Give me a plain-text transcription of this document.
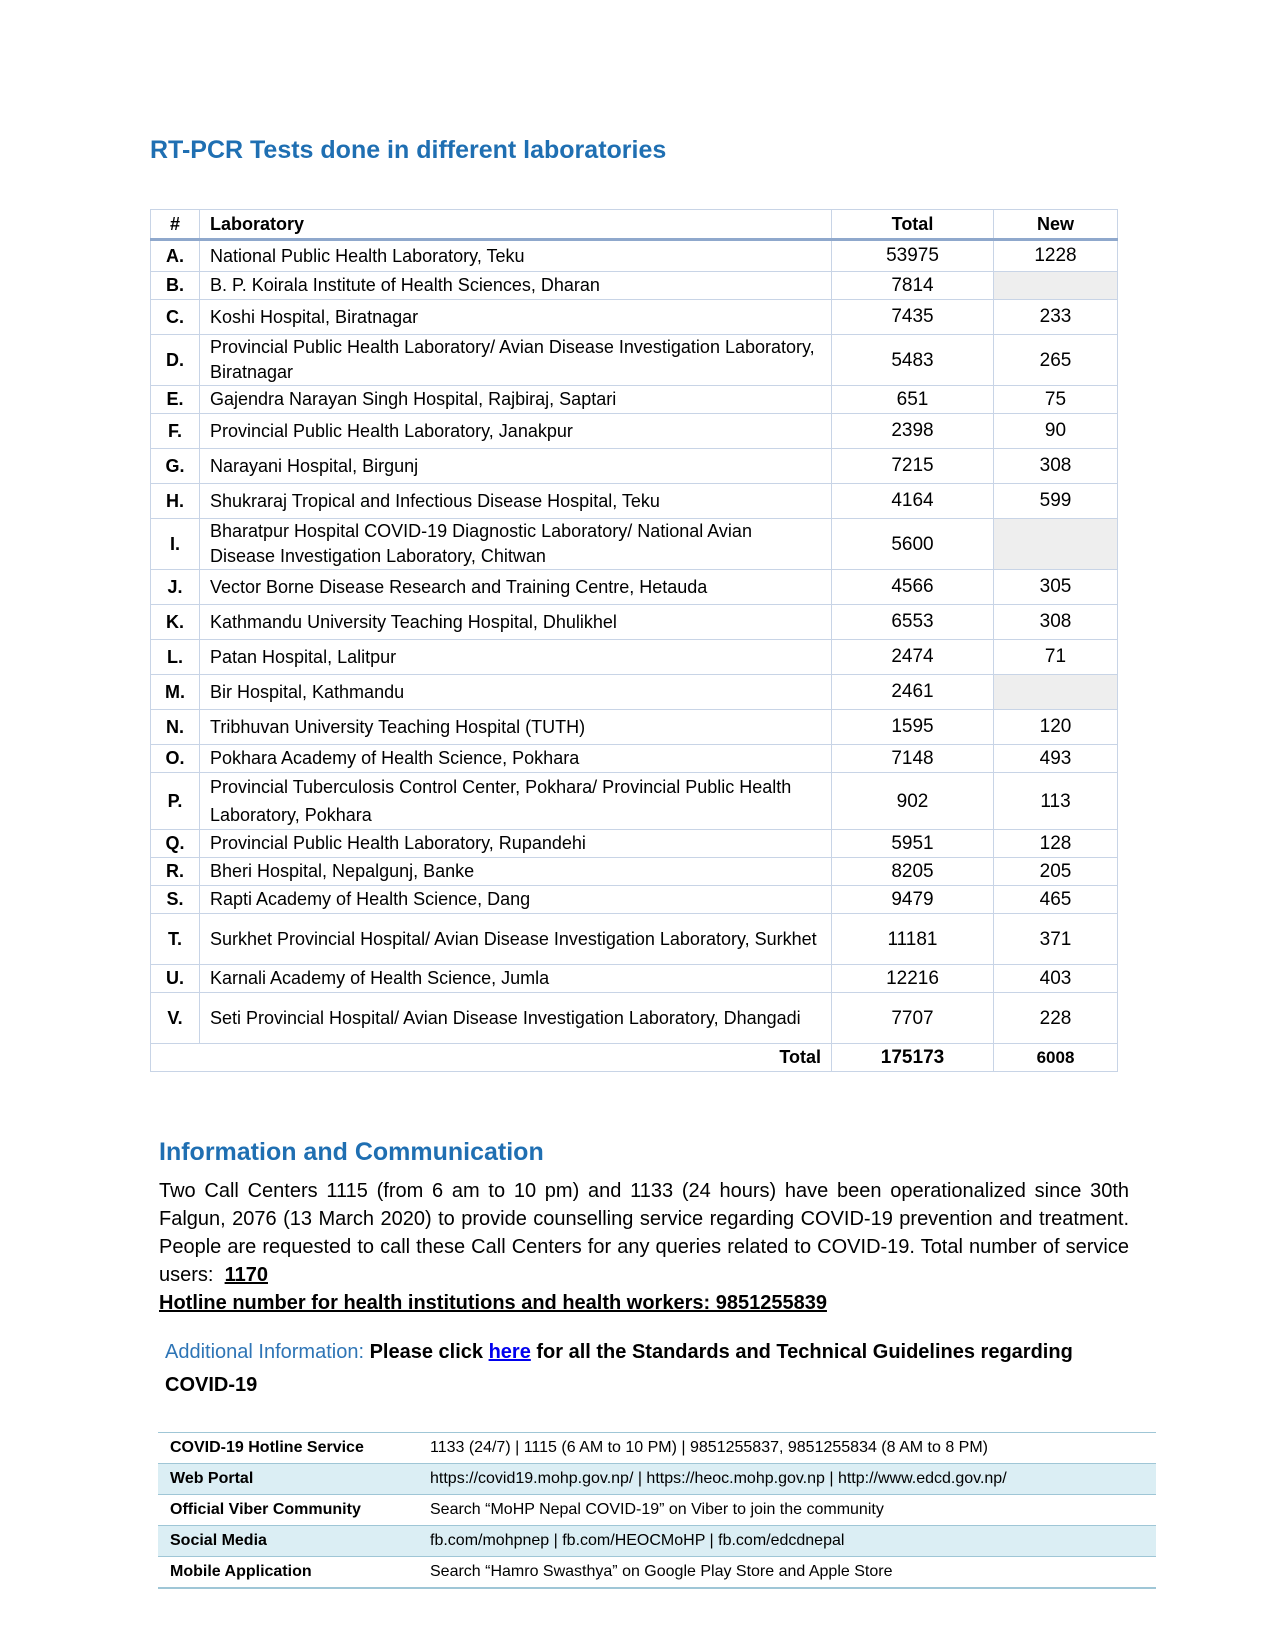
RT-PCR Tests done in different laboratories
#	Laboratory	Total	New
A.	National Public Health Laboratory, Teku	53975	1228
B.	B. P. Koirala Institute of Health Sciences, Dharan	7814	
C.	Koshi Hospital, Biratnagar	7435	233
D.	Provincial Public Health Laboratory/ Avian Disease Investigation Laboratory, Biratnagar	5483	265
E.	Gajendra Narayan Singh Hospital, Rajbiraj, Saptari	651	75
F.	Provincial Public Health Laboratory, Janakpur	2398	90
G.	Narayani Hospital, Birgunj	7215	308
H.	Shukraraj Tropical and Infectious Disease Hospital, Teku	4164	599
I.	Bharatpur Hospital COVID-19 Diagnostic Laboratory/ National Avian Disease Investigation Laboratory, Chitwan	5600	
J.	Vector Borne Disease Research and Training Centre, Hetauda	4566	305
K.	Kathmandu University Teaching Hospital, Dhulikhel	6553	308
L.	Patan Hospital, Lalitpur	2474	71
M.	Bir Hospital, Kathmandu	2461	
N.	Tribhuvan University Teaching Hospital (TUTH)	1595	120
O.	Pokhara Academy of Health Science, Pokhara	7148	493
P.	Provincial Tuberculosis Control Center, Pokhara/ Provincial Public Health Laboratory, Pokhara	902	113
Q.	Provincial Public Health Laboratory, Rupandehi	5951	128
R.	Bheri Hospital, Nepalgunj, Banke	8205	205
S.	Rapti Academy of Health Science, Dang	9479	465
T.	Surkhet Provincial Hospital/ Avian Disease Investigation Laboratory, Surkhet	11181	371
U.	Karnali Academy of Health Science, Jumla	12216	403
V.	Seti Provincial Hospital/ Avian Disease Investigation Laboratory, Dhangadi	7707	228
Total		175173	6008
Information and Communication

Two Call Centers 1115 (from 6 am to 10 pm) and 1133 (24 hours) have been operationalized since 30th Falgun, 2076 (13 March 2020) to provide counselling service regarding COVID-19 prevention and treatment. People are requested to call these Call Centers for any queries related to COVID-19. Total number of service users: 1170

Hotline number for health institutions and health workers: 9851255839
Additional Information: Please click here for all the Standards and Technical Guidelines regarding COVID-19
COVID-19 Hotline Service	1133 (24/7) | 1115 (6 AM to 10 PM) | 9851255837, 9851255834 (8 AM to 8 PM)
Web Portal	https://covid19.mohp.gov.np/ | https://heoc.mohp.gov.np | http://www.edcd.gov.np/
Official Viber Community	Search “MoHP Nepal COVID-19” on Viber to join the community
Social Media	fb.com/mohpnep | fb.com/HEOCMoHP | fb.com/edcdnepal
Mobile Application	Search “Hamro Swasthya” on Google Play Store and Apple Store
